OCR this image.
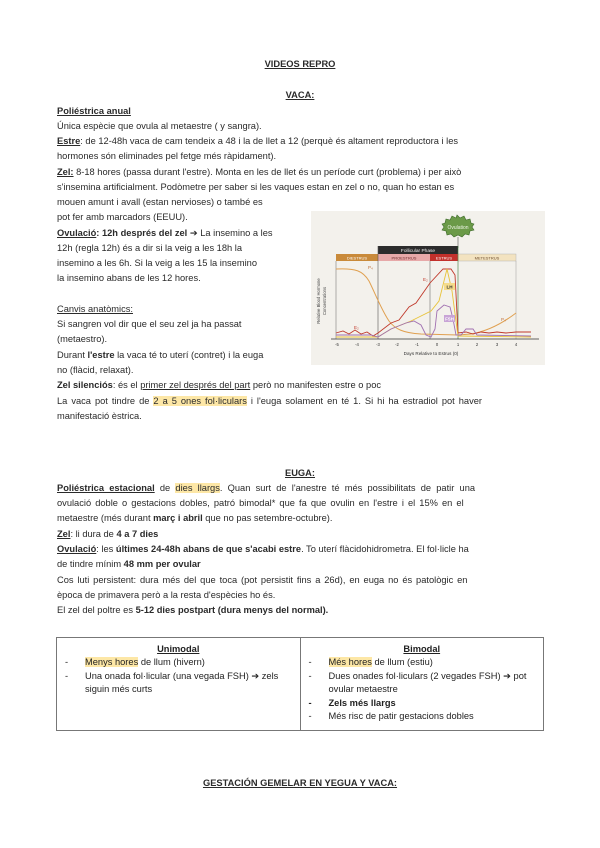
VIDEOS REPRO
VACA:
Poliéstrica anual
Única espècie que ovula al metaestre ( y sangra).
Estre: de 12-48h vaca de cam tendeix a 48 i la de llet a 12 (perquè és altament reproductora i les
hormones són eliminades pel fetge més ràpidament).
Zel: 8-18 hores (passa durant l'estre). Monta en les de llet és un període curt (problema) i per això
s'insemina artificialment. Podòmetre per saber si les vaques estan en zel o no, quan ho estan es
mouen amunt i avall (estan nervioses) o també es
pot fer amb marcadors (EEUU).
Ovulació: 12h després del zel ➔ La insemino a les
12h (regla 12h) és a dir si la veig a les 18h la
insemino a les 6h. Si la veig a les 15 la insemino
la insemino abans de les 12 hores.
Canvis anatòmics:
Si sangren vol dir que el seu zel ja ha passat
(metaestro).
Durant l'estre la vaca té to uterí (contret) i la euga
no (flàcid, relaxat).
Zel silenciós: és el primer zel després del part però no manifesten estre o poc
La vaca pot tindre de 2 a 5 ones fol·liculars i l'euga solament en té 1. Si hi ha estradiol pot haver
manifestació èstrica.
Ovulation
Follicular Phase
DIESTRUS	PROESTRUS	ESTRUS	METESTRUS
Relative Blood Hormone Concentrations
P₄
P₄
E₂
E₂
LH
FSH
-5	-4	-3	-2	-1	0	1	2	3	4
Days Relative to Estrus (0)
EUGA:
Poliéstrica estacional de dies llargs. Quan surt de l'anestre té més possibilitats de patir una
ovulació doble o gestacions dobles, patró bimodal* que fa que ovulin en l'estre i el 15% en el
metaestre (més durant març i abril que no pas setembre-octubre).
Zel: li dura de 4 a 7 dies
Ovulació: les últimes 24-48h abans de que s'acabi estre. To uterí flàcidohidrometra. El fol·licle ha
de tindre mínim 48 mm per ovular
Cos luti persistent: dura més del que toca (pot persistit fins a 26d), en euga no és patològic en
època de primavera però a la resta d'espècies ho és.
El zel del poltre es 5-12 dies postpart (dura menys del normal).
Unimodal
- Menys hores de llum (hivern)
- Una onada fol·licular (una vegada FSH) ➔ zels siguin més curts

Bimodal
- Més hores de llum (estiu)
- Dues onades fol·liculars (2 vegades FSH) ➔ pot ovular metaestre
- Zels més llargs
- Més risc de patir gestacions dobles
GESTACIÓN GEMELAR EN YEGUA Y VACA:
